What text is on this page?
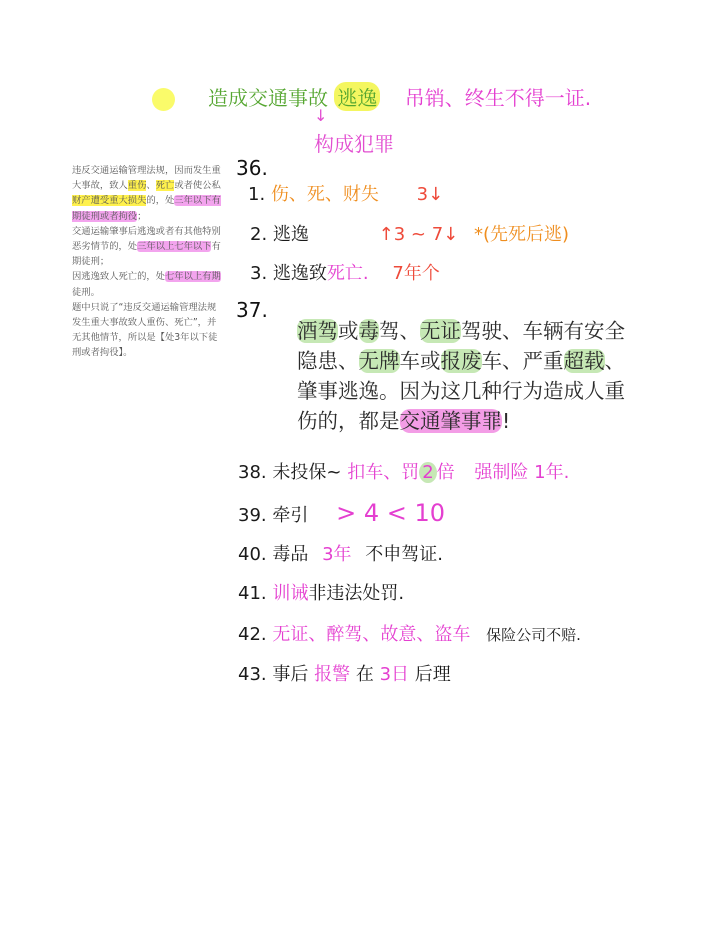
违反交通运输管理法规，因而发生重大事故，致人重伤、死亡或者使公私财产遭受重大损失的，处三年以下有期徒刑或者拘役；

交通运输肇事后逃逸或者有其他特别恶劣情节的，处三年以上七年以下有期徒刑；

因逃逸致人死亡的，处七年以上有期徒刑。

题中只说了“违反交通运输管理法规发生重大事故致人重伤、死亡”，并无其他情节，所以是【处3年以下徒刑或者拘役】。

造成交通事故 逃逸 吊销、终生不得一证.
↓
构成犯罪
36.
1. 伤、死、财失 3↓
2. 逃逸	↑3 ~ 7↓ *(先死后逃)
3. 逃逸致死亡. 7年个
37.
酒驾或毒驾、无证驾驶、车辆有安全隐患、无牌车或报废车、严重超载、肇事逃逸。因为这几种行为造成人重伤的，都是交通肇事罪!
38. 未投保~ 扣车、罚 2 倍 强制险 1年.
39. 牵引 > 4 < 10
40. 毒品 3年 不申驾证.
41. 训诫非违法处罚.
42. 无证、醉驾、故意、盗车 保险公司不赔.
43. 事后 报警 在 3日 后理
